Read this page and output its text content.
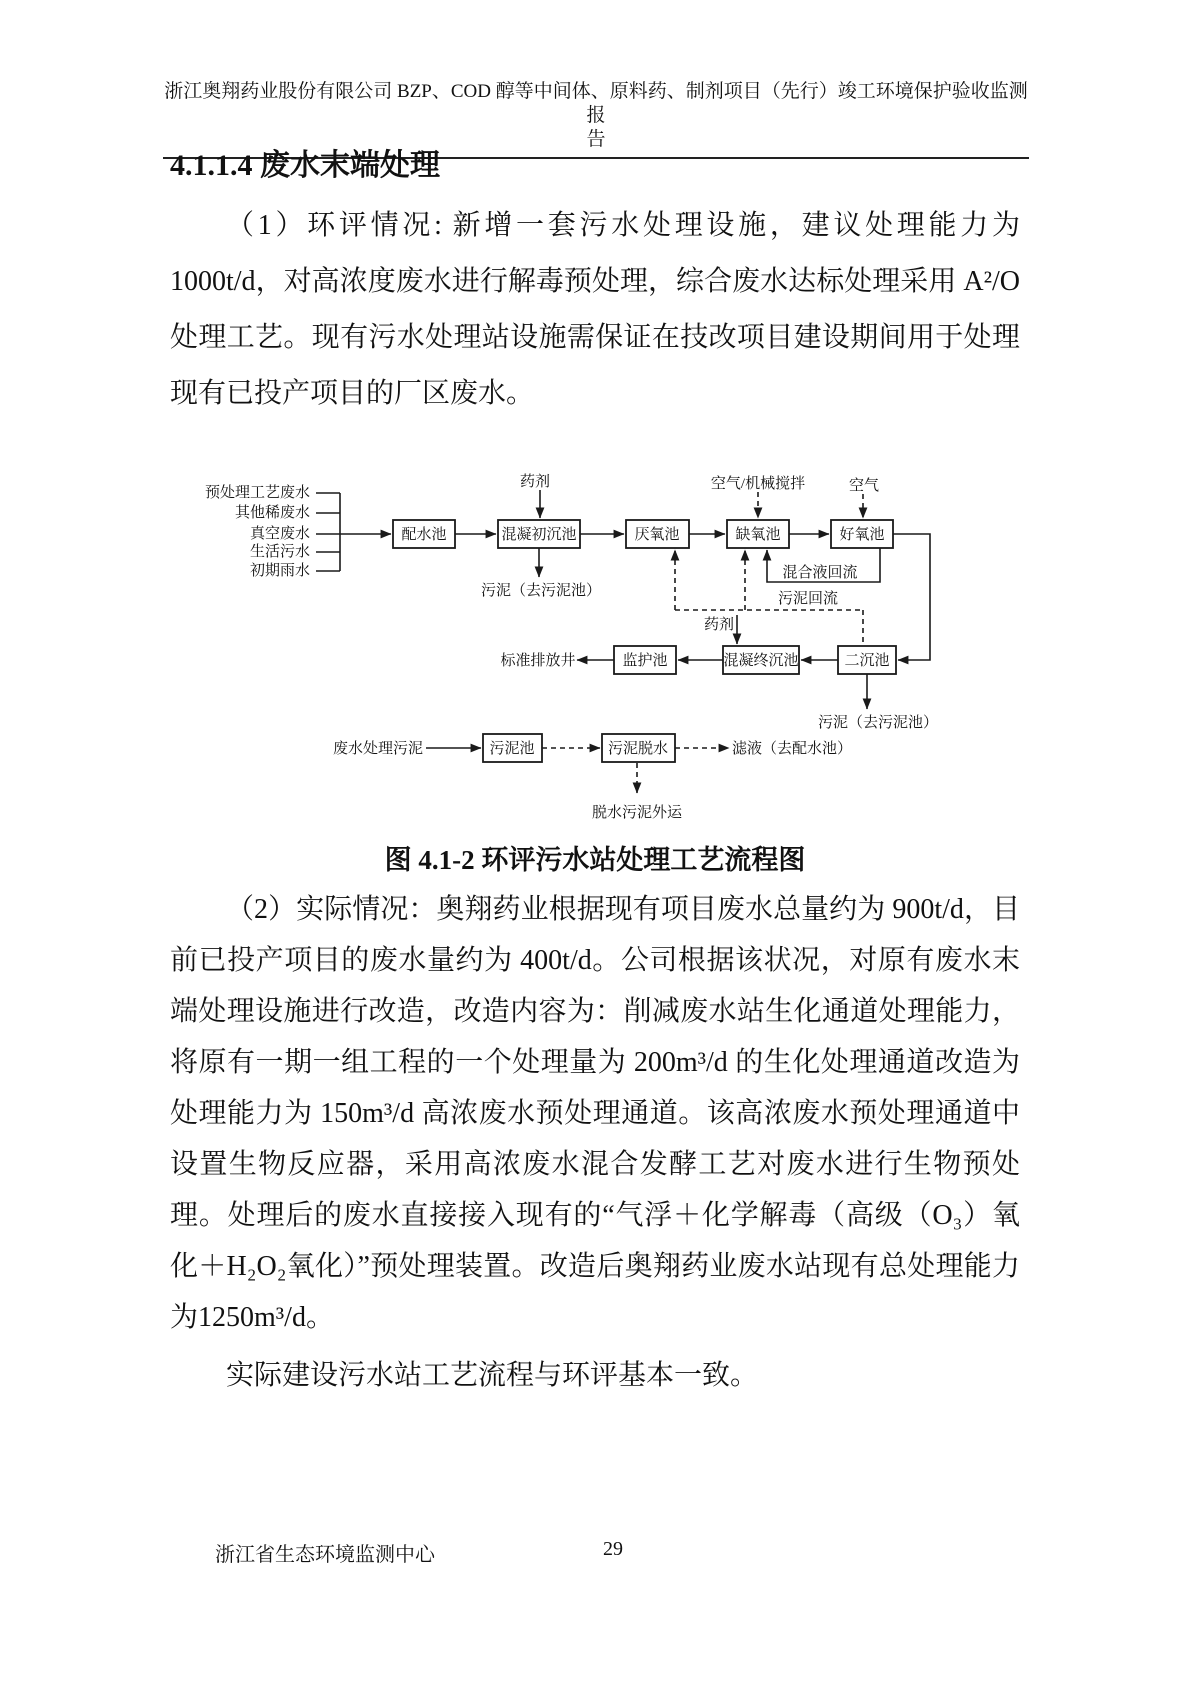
浙江奥翔药业股份有限公司 BZP、COD 醇等中间体、原料药、制剂项目（先行）竣工环境保护验收监测报
告
4.1.1.4 废水末端处理

（1）环评情况: 新增一套污水处理设施，建议处理能力为 1000t/d，对高浓度废水进行解毒预处理，综合废水达标处理采用 A²/O 处理工艺。现有污水处理站设施需保证在技改项目建设期间用于处理现有已投产项目的厂区废水。

预处理工艺废水
其他稀废水
真空废水
生活污水
初期雨水
配水池	混凝初沉池	厌氧池	缺氧池	好氧池
药剂	空气/机械搅拌	空气
污泥（去污泥池）
混合液回流
污泥回流
药剂
监护池	混凝终沉池	二沉池
标准排放井
污泥（去污泥池）
废水处理污泥	污泥池	污泥脱水	滤液（去配水池）
脱水污泥外运
图 4.1-2 环评污水站处理工艺流程图

（2）实际情况：奥翔药业根据现有项目废水总量约为 900t/d，目前已投产项目的废水量约为 400t/d。公司根据该状况，对原有废水末端处理设施进行改造，改造内容为：削减废水站生化通道处理能力，将原有一期一组工程的一个处理量为 200m³/d 的生化处理通道改造为处理能力为 150m³/d 高浓废水预处理通道。该高浓废水预处理通道中设置生物反应器，采用高浓废水混合发酵工艺对废水进行生物预处理。处理后的废水直接接入现有的“气浮＋化学解毒（高级（O₃）氧化＋H₂O₂氧化）”预处理装置。改造后奥翔药业废水站现有总处理能力为1250m³/d。

实际建设污水站工艺流程与环评基本一致。

浙江省生态环境监测中心	29
